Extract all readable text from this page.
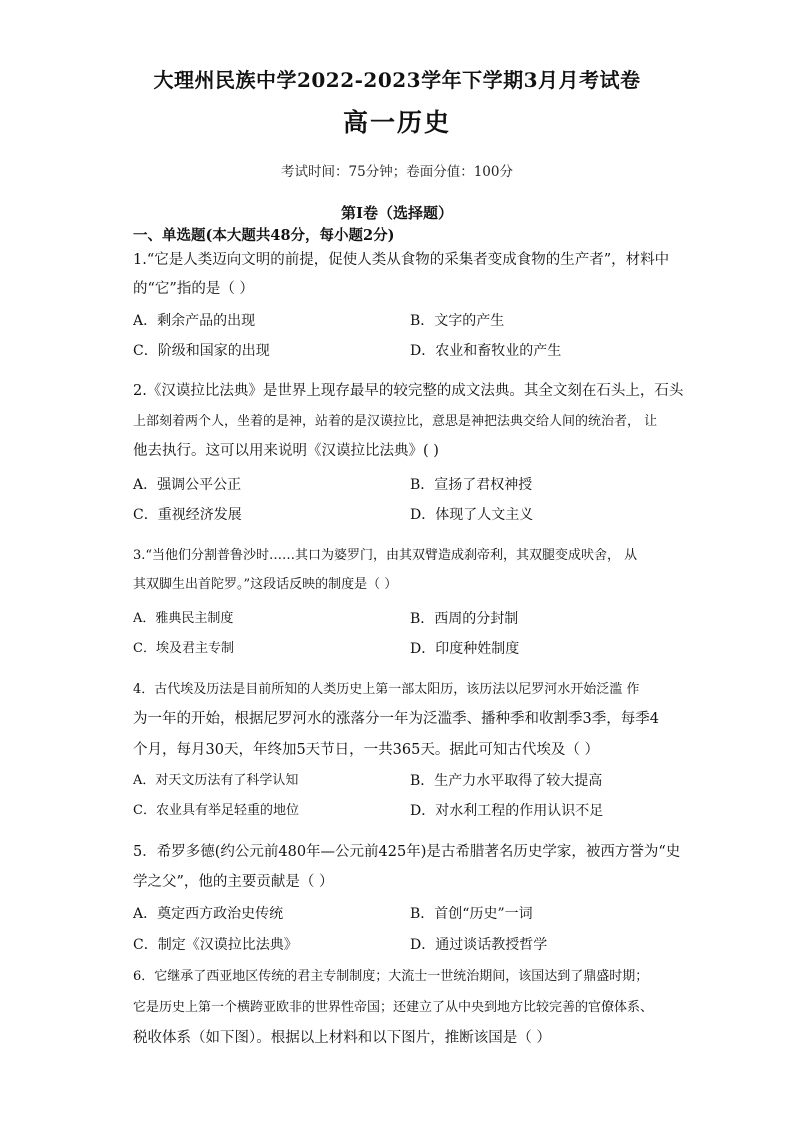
大理州民族中学2022-2023学年下学期3月月考试卷
高一历史
考试时间：75分钟；卷面分值：100分
第I卷（选择题）
一、单选题(本大题共48分，每小题2分)
1.“它是人类迈向文明的前提，促使人类从食物的采集者变成食物的生产者”，材料中
的“它”指的是（ ）
A．剩余产品的出现	B．文字的产生
C．阶级和国家的出现	D．农业和畜牧业的产生
2.《汉谟拉比法典》是世界上现存最早的较完整的成文法典。其全文刻在石头上，石头
上部刻着两个人，坐着的是神，站着的是汉谟拉比，意思是神把法典交给人间的统治者， 让
他去执行。这可以用来说明《汉谟拉比法典》( )
A．强调公平公正	B．宣扬了君权神授
C．重视经济发展	D．体现了人文主义
3.“当他们分割普鲁沙时……其口为婆罗门，由其双臂造成刹帝利，其双腿变成吠舍， 从
其双脚生出首陀罗。”这段话反映的制度是（ ）
A．雅典民主制度	B．西周的分封制
C．埃及君主专制	D．印度种姓制度
4．古代埃及历法是目前所知的人类历史上第一部太阳历，该历法以尼罗河水开始泛滥 作
为一年的开始，根据尼罗河水的涨落分一年为泛滥季、播种季和收割季3季，每季4
个月，每月30天，年终加5天节日，一共365天。据此可知古代埃及（ ）
A．对天文历法有了科学认知	B．生产力水平取得了较大提高
C．农业具有举足轻重的地位	D．对水利工程的作用认识不足
5．希罗多德(约公元前480年—公元前425年)是古希腊著名历史学家，被西方誉为“史
学之父”，他的主要贡献是（ ）
A．奠定西方政治史传统	B．首创“历史”一词
C．制定《汉谟拉比法典》	D．通过谈话教授哲学
6．它继承了西亚地区传统的君主专制制度；大流士一世统治期间，该国达到了鼎盛时期；
它是历史上第一个横跨亚欧非的世界性帝国；还建立了从中央到地方比较完善的官僚体系、
税收体系（如下图）。根据以上材料和以下图片，推断该国是（ ）
